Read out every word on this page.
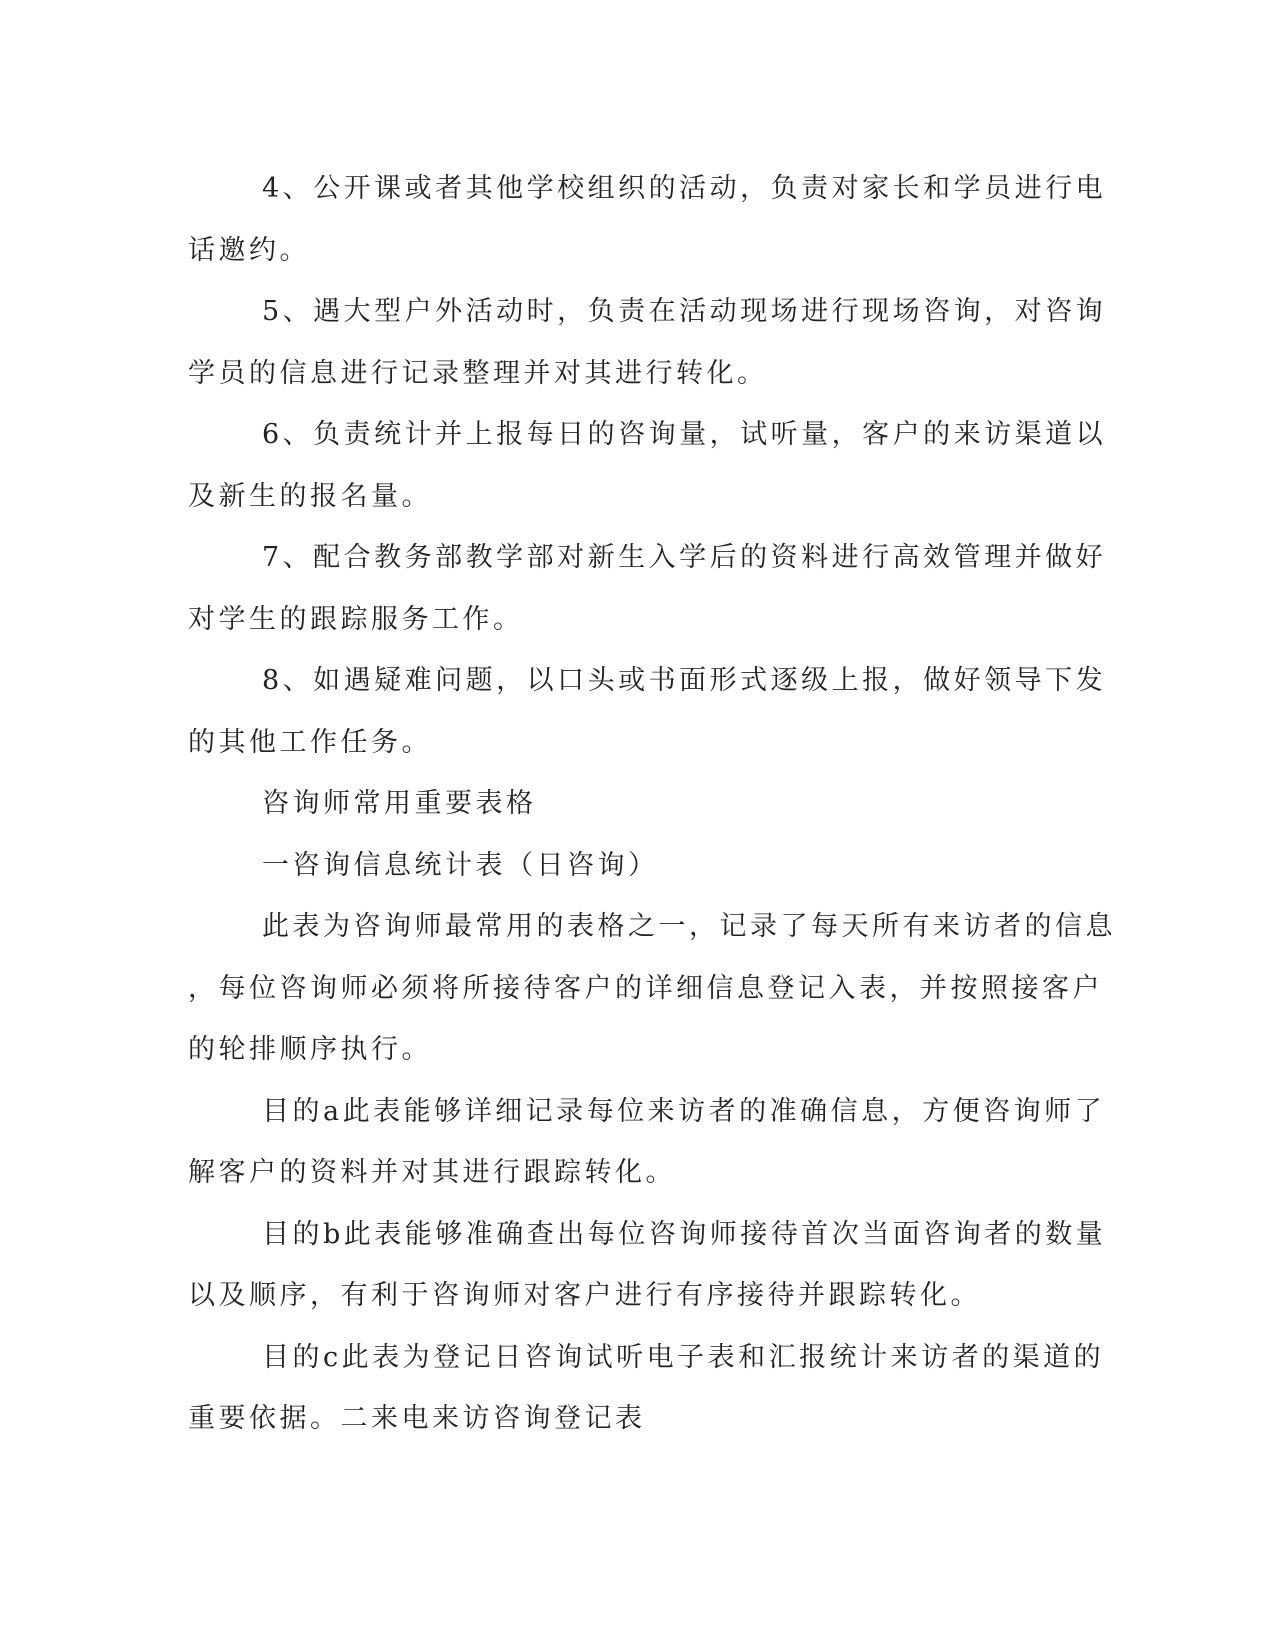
4、公开课或者其他学校组织的活动，负责对家长和学员进行电
话邀约。

5、遇大型户外活动时，负责在活动现场进行现场咨询，对咨询
学员的信息进行记录整理并对其进行转化。

6、负责统计并上报每日的咨询量，试听量，客户的来访渠道以
及新生的报名量。

7、配合教务部教学部对新生入学后的资料进行高效管理并做好
对学生的跟踪服务工作。

8、如遇疑难问题，以口头或书面形式逐级上报，做好领导下发
的其他工作任务。

咨询师常用重要表格

一咨询信息统计表（日咨询）

此表为咨询师最常用的表格之一，记录了每天所有来访者的信息
，每位咨询师必须将所接待客户的详细信息登记入表，并按照接客户
的轮排顺序执行。

目的a此表能够详细记录每位来访者的准确信息，方便咨询师了
解客户的资料并对其进行跟踪转化。

目的b此表能够准确查出每位咨询师接待首次当面咨询者的数量
以及顺序，有利于咨询师对客户进行有序接待并跟踪转化。

目的c此表为登记日咨询试听电子表和汇报统计来访者的渠道的
重要依据。二来电来访咨询登记表
